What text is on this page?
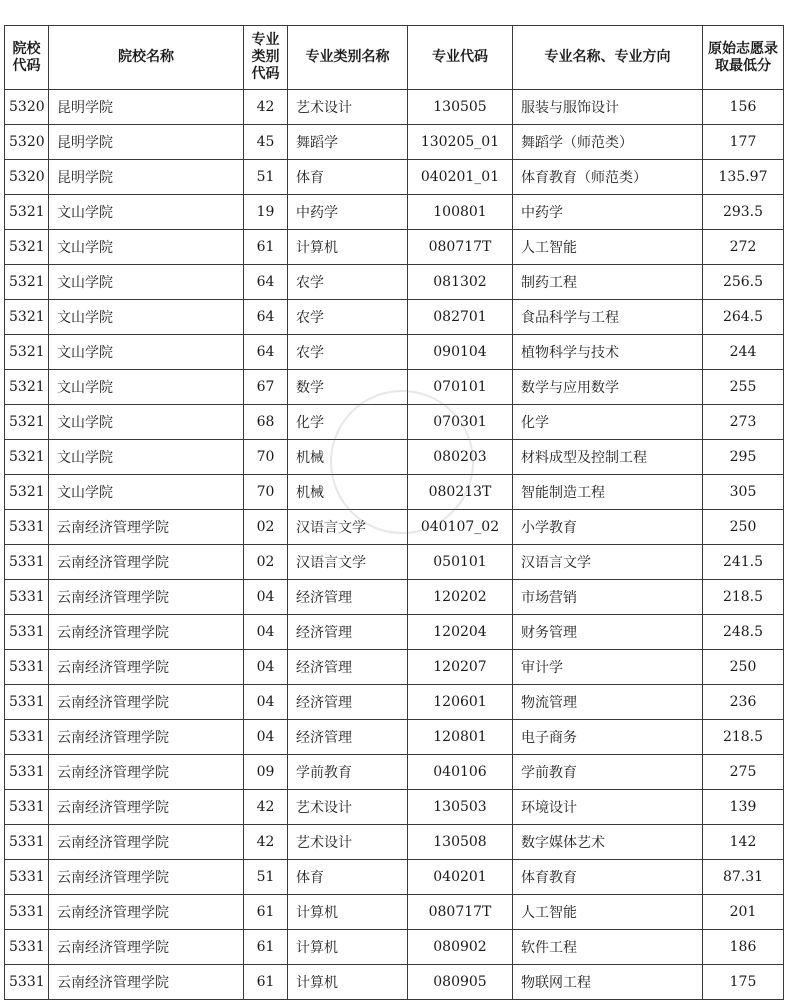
院校代码	院校名称	专业类别代码	专业类别名称	专业代码	专业名称、专业方向	原始志愿录取最低分
5320	昆明学院	42	艺术设计	130505	服装与服饰设计	156
5320	昆明学院	45	舞蹈学	130205_01	舞蹈学（师范类）	177
5320	昆明学院	51	体育	040201_01	体育教育（师范类）	135.97
5321	文山学院	19	中药学	100801	中药学	293.5
5321	文山学院	61	计算机	080717T	人工智能	272
5321	文山学院	64	农学	081302	制药工程	256.5
5321	文山学院	64	农学	082701	食品科学与工程	264.5
5321	文山学院	64	农学	090104	植物科学与技术	244
5321	文山学院	67	数学	070101	数学与应用数学	255
5321	文山学院	68	化学	070301	化学	273
5321	文山学院	70	机械	080203	材料成型及控制工程	295
5321	文山学院	70	机械	080213T	智能制造工程	305
5331	云南经济管理学院	02	汉语言文学	040107_02	小学教育	250
5331	云南经济管理学院	02	汉语言文学	050101	汉语言文学	241.5
5331	云南经济管理学院	04	经济管理	120202	市场营销	218.5
5331	云南经济管理学院	04	经济管理	120204	财务管理	248.5
5331	云南经济管理学院	04	经济管理	120207	审计学	250
5331	云南经济管理学院	04	经济管理	120601	物流管理	236
5331	云南经济管理学院	04	经济管理	120801	电子商务	218.5
5331	云南经济管理学院	09	学前教育	040106	学前教育	275
5331	云南经济管理学院	42	艺术设计	130503	环境设计	139
5331	云南经济管理学院	42	艺术设计	130508	数字媒体艺术	142
5331	云南经济管理学院	51	体育	040201	体育教育	87.31
5331	云南经济管理学院	61	计算机	080717T	人工智能	201
5331	云南经济管理学院	61	计算机	080902	软件工程	186
5331	云南经济管理学院	61	计算机	080905	物联网工程	175
